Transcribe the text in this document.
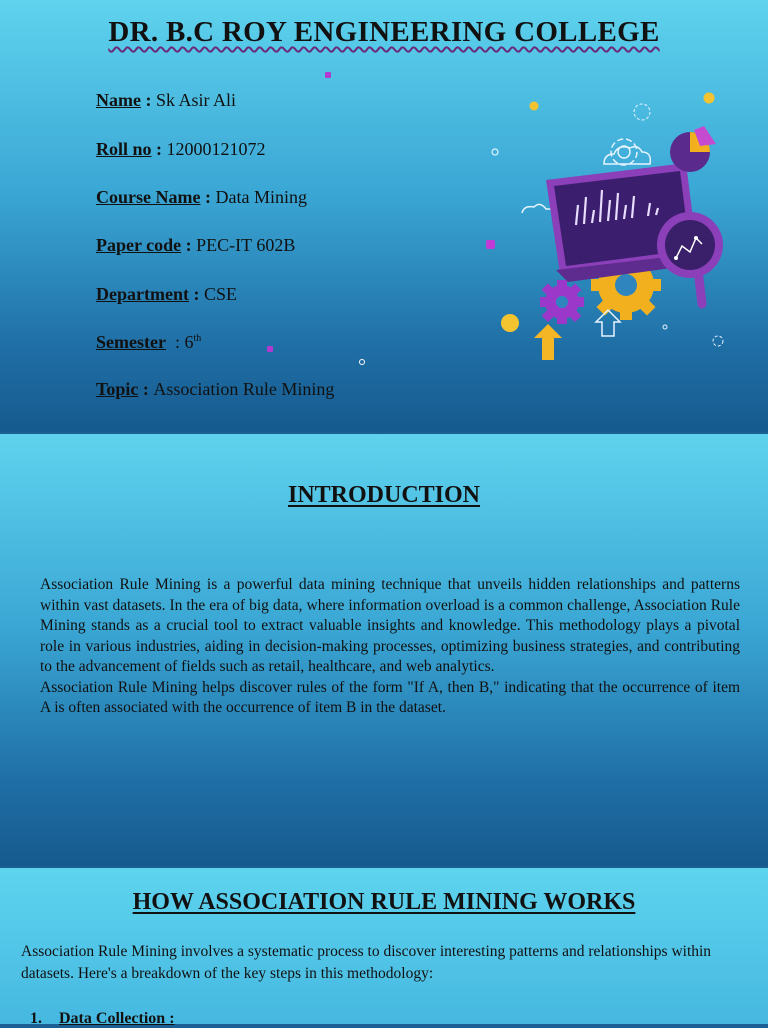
DR. B.C ROY ENGINEERING COLLEGE
Name : Sk Asir Ali
Roll no : 12000121072
Course Name : Data Mining
Paper code : PEC-IT 602B
Department : CSE
Semester  : 6th
Topic : Association Rule Mining
INTRODUCTION

Association Rule Mining is a powerful data mining technique that unveils hidden relationships and patterns within vast datasets. In the era of big data, where information overload is a common challenge, Association Rule Mining stands as a crucial tool to extract valuable insights and knowledge. This methodology plays a pivotal role in various industries, aiding in decision-making processes, optimizing business strategies, and contributing to the advancement of fields such as retail, healthcare, and web analytics.

Association Rule Mining helps discover rules of the form "If A, then B," indicating that the occurrence of item A is often associated with the occurrence of item B in the dataset.

HOW ASSOCIATION RULE MINING WORKS
Association Rule Mining involves a systematic process to discover interesting patterns and relationships within datasets. Here's a breakdown of the key steps in this methodology:
1. Data Collection :
